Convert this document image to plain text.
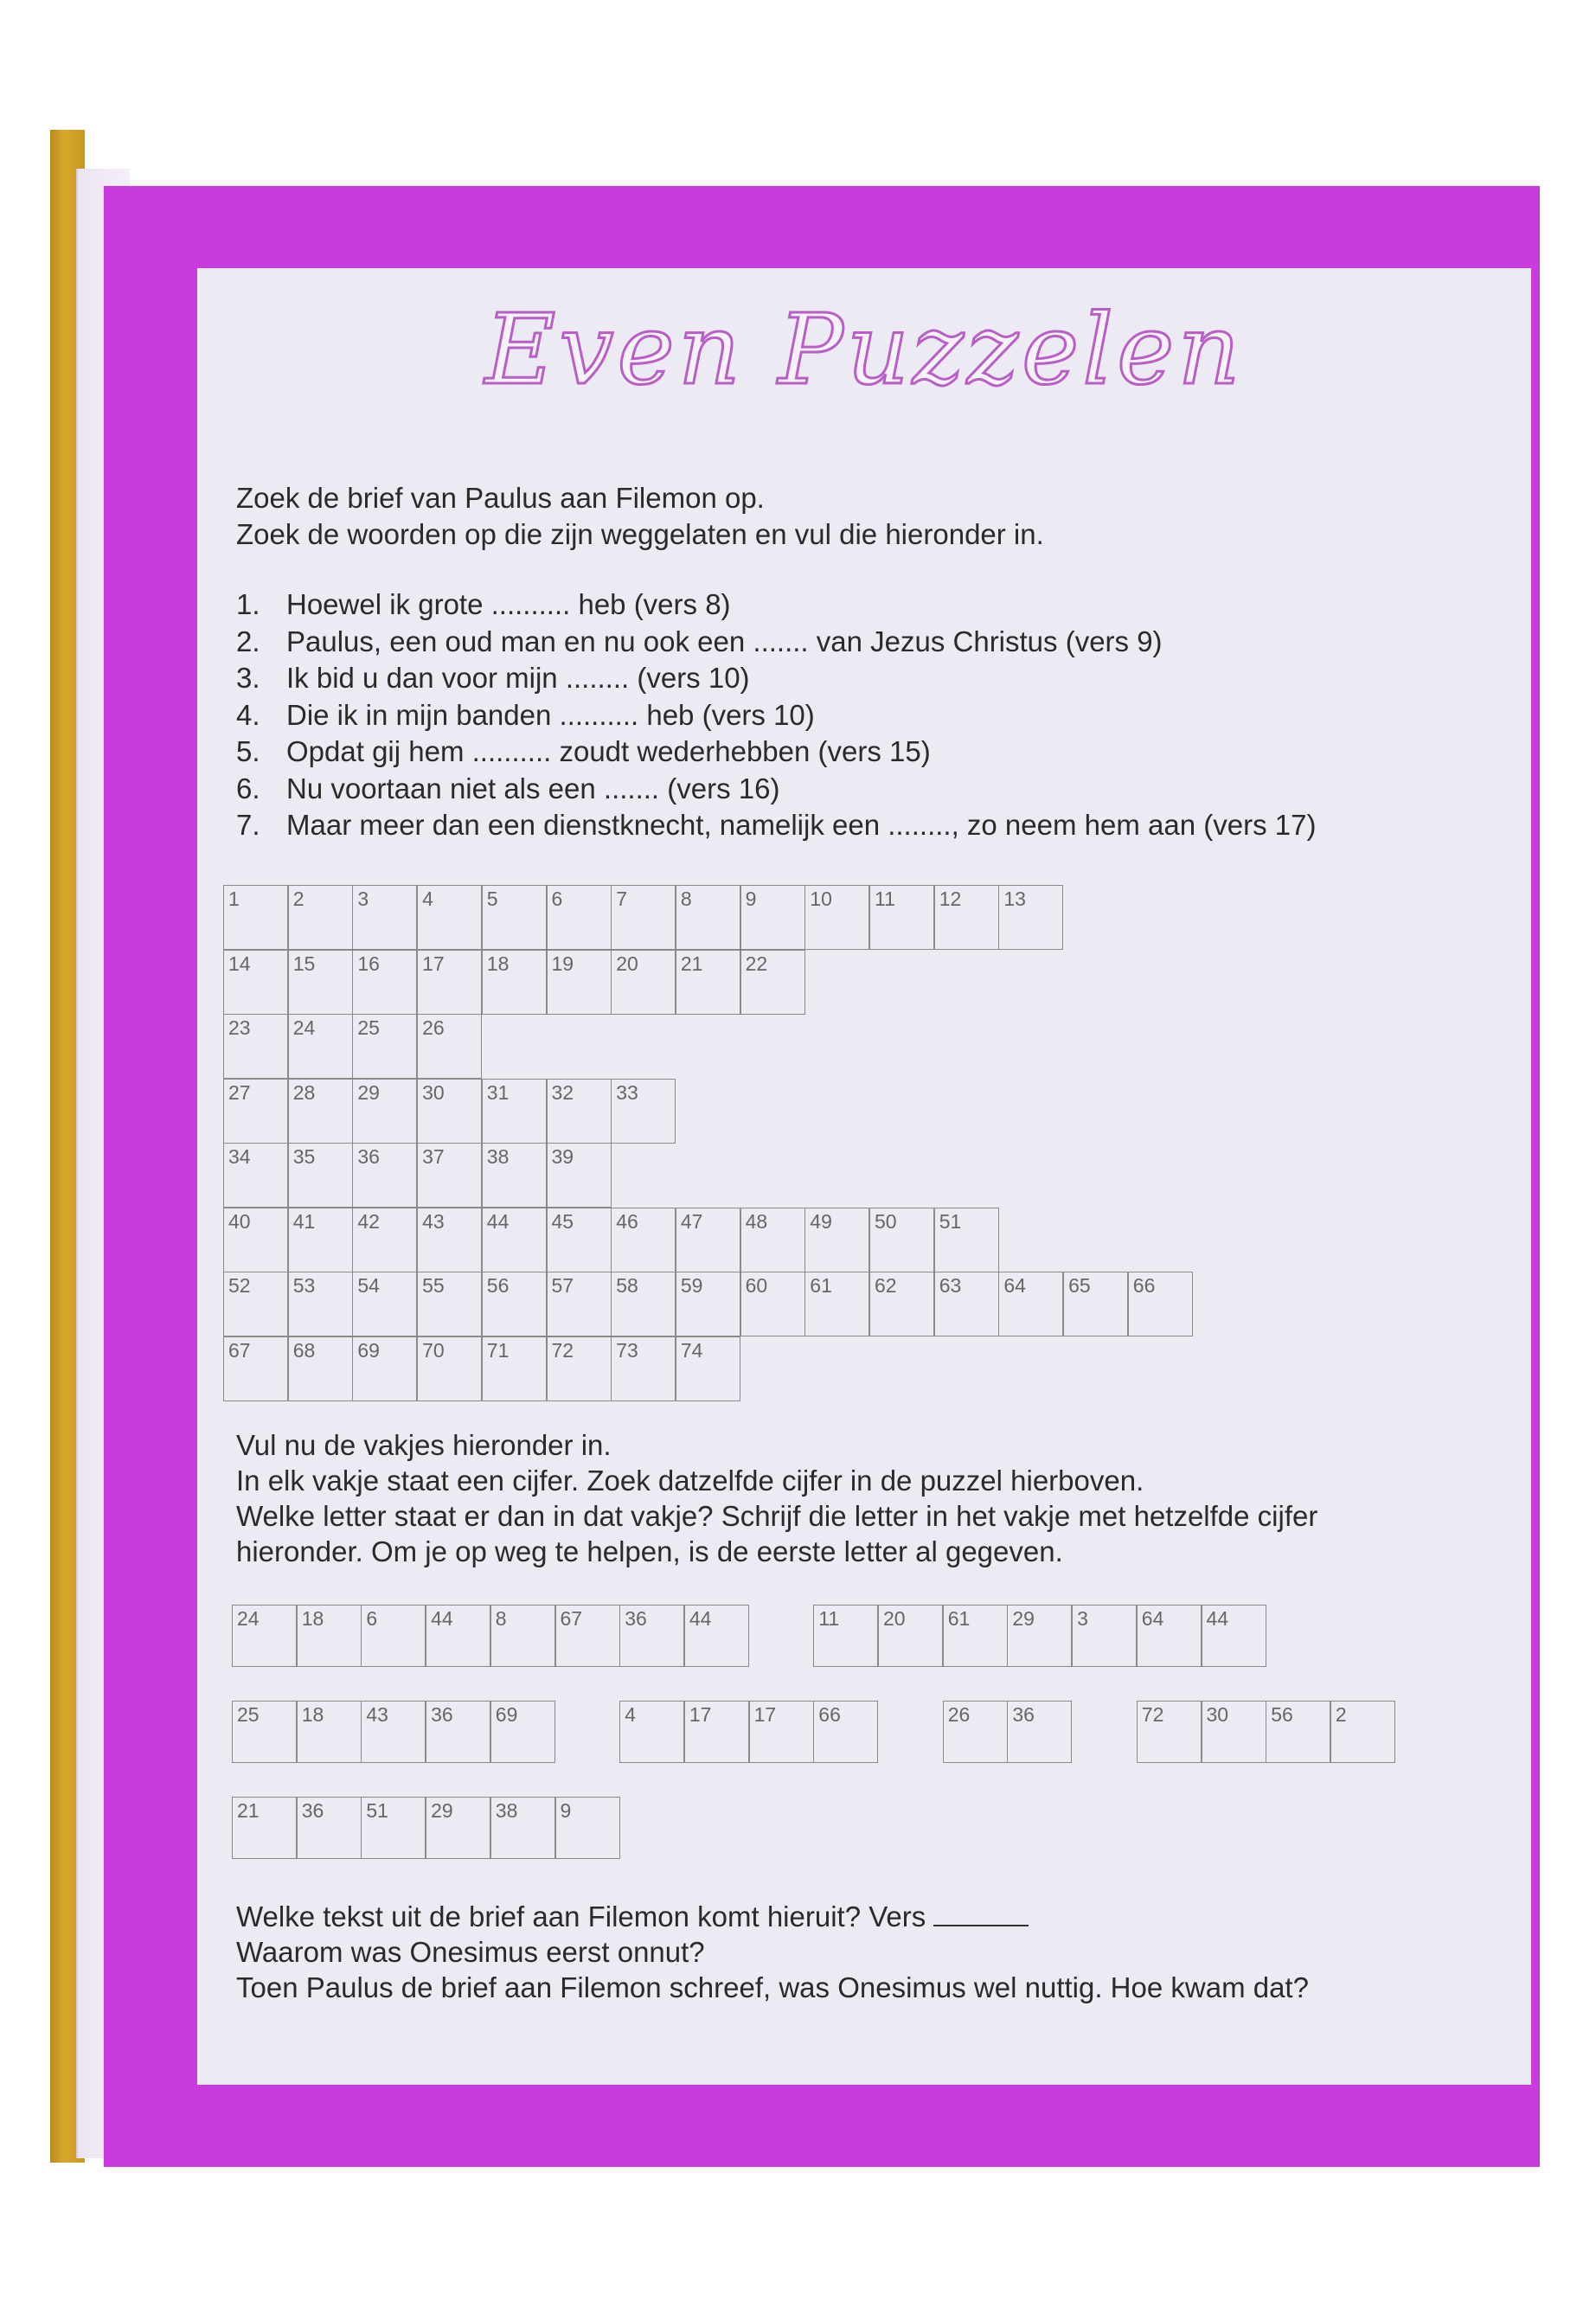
Even Puzzelen
Zoek de brief van Paulus aan Filemon op.
Zoek de woorden op die zijn weggelaten en vul die hieronder in.
1. Hoewel ik grote .......... heb (vers 8)
2. Paulus, een oud man en nu ook een ....... van Jezus Christus (vers 9)
3. Ik bid u dan voor mijn ........ (vers 10)
4. Die ik in mijn banden .......... heb (vers 10)
5. Opdat gij hem .......... zoudt wederhebben (vers 15)
6. Nu voortaan niet als een ....... (vers 16)
7. Maar meer dan een dienstknecht, namelijk een ........, zo neem hem aan (vers 17)
1	2	3	4	5	6	7	8	9	10	11	12	13
14	15	16	17	18	19	20	21	22
23	24	25	26
27	28	29	30	31	32	33
34	35	36	37	38	39
40	41	42	43	44	45	46	47	48	49	50	51
52	53	54	55	56	57	58	59	60	61	62	63	64	65	66
67	68	69	70	71	72	73	74
Vul nu de vakjes hieronder in.
In elk vakje staat een cijfer. Zoek datzelfde cijfer in de puzzel hierboven.
Welke letter staat er dan in dat vakje? Schrijf die letter in het vakje met hetzelfde cijfer
hieronder. Om je op weg te helpen, is de eerste letter al gegeven.
24	18	6	44	8	67	36	44	11	20	61	29	3	64	44
25	18	43	36	69	4	17	17	66	26	36	72	30	56	2
21	36	51	29	38	9
Welke tekst uit de brief aan Filemon komt hieruit? Vers
Waarom was Onesimus eerst onnut?
Toen Paulus de brief aan Filemon schreef, was Onesimus wel nuttig. Hoe kwam dat?
